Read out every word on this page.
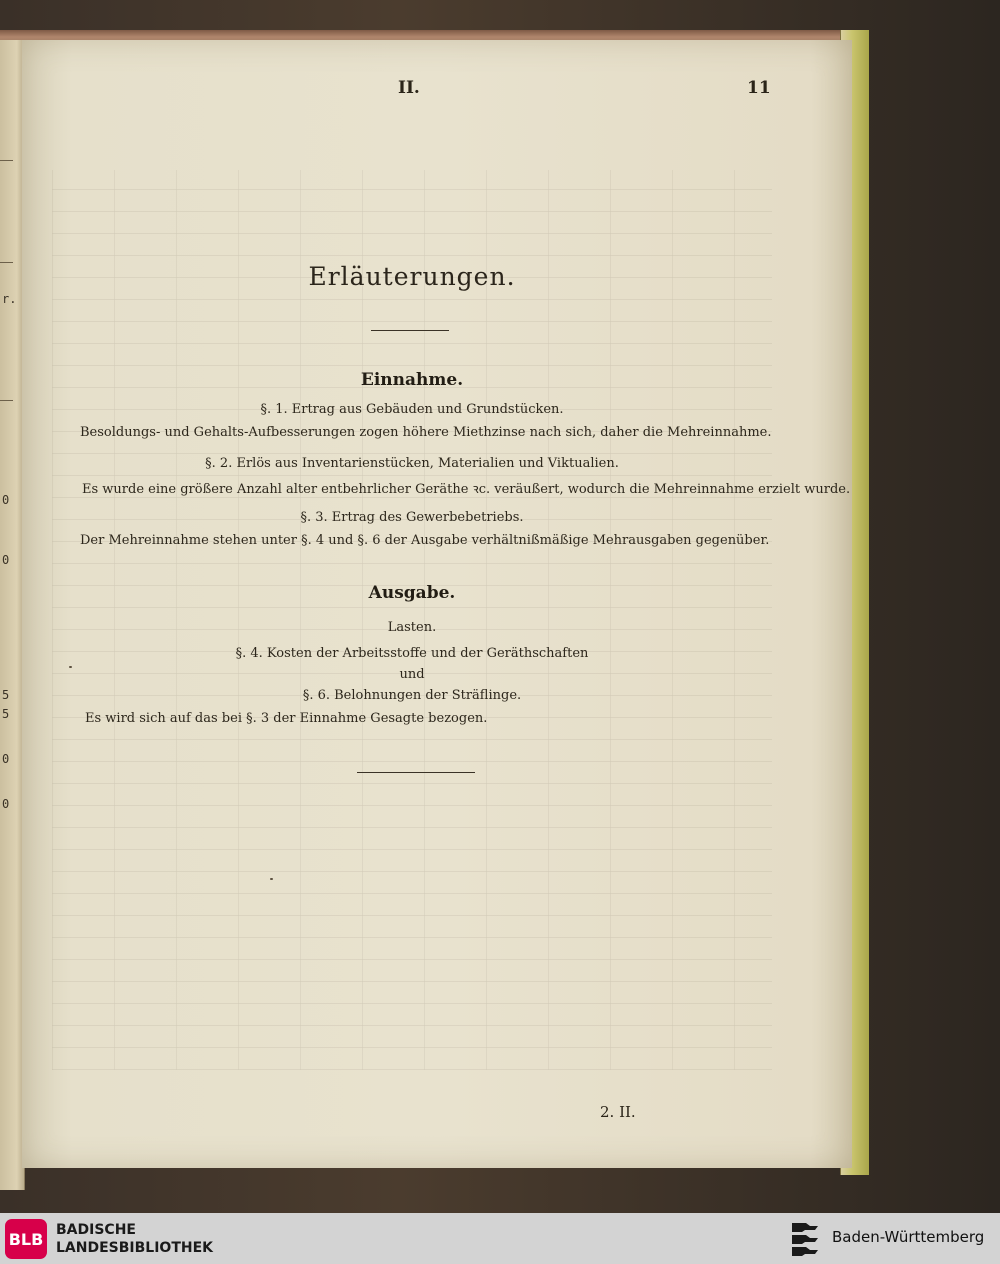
r.
0
0
5
5
0
0
II.	11
Erläuterungen.
Einnahme.
§. 1. Ertrag aus Gebäuden und Grundstücken.
Besoldungs- und Gehalts-Aufbesserungen zogen höhere Miethzinse nach sich, daher die Mehreinnahme.
§. 2. Erlös aus Inventarienstücken, Materialien und Viktualien.
Es wurde eine größere Anzahl alter entbehrlicher Geräthe ꝛc. veräußert, wodurch die Mehreinnahme erzielt wurde.
§. 3. Ertrag des Gewerbebetriebs.
Der Mehreinnahme stehen unter §. 4 und §. 6 der Ausgabe verhältnißmäßige Mehrausgaben gegenüber.
Ausgabe.
Lasten.
§. 4. Kosten der Arbeitsstoffe und der Geräthschaften
und
§. 6. Belohnungen der Sträflinge.
Es wird sich auf das bei §. 3 der Einnahme Gesagte bezogen.
2. II.
BLB BADISCHE
LANDESBIBLIOTHEK
Baden-Württemberg
